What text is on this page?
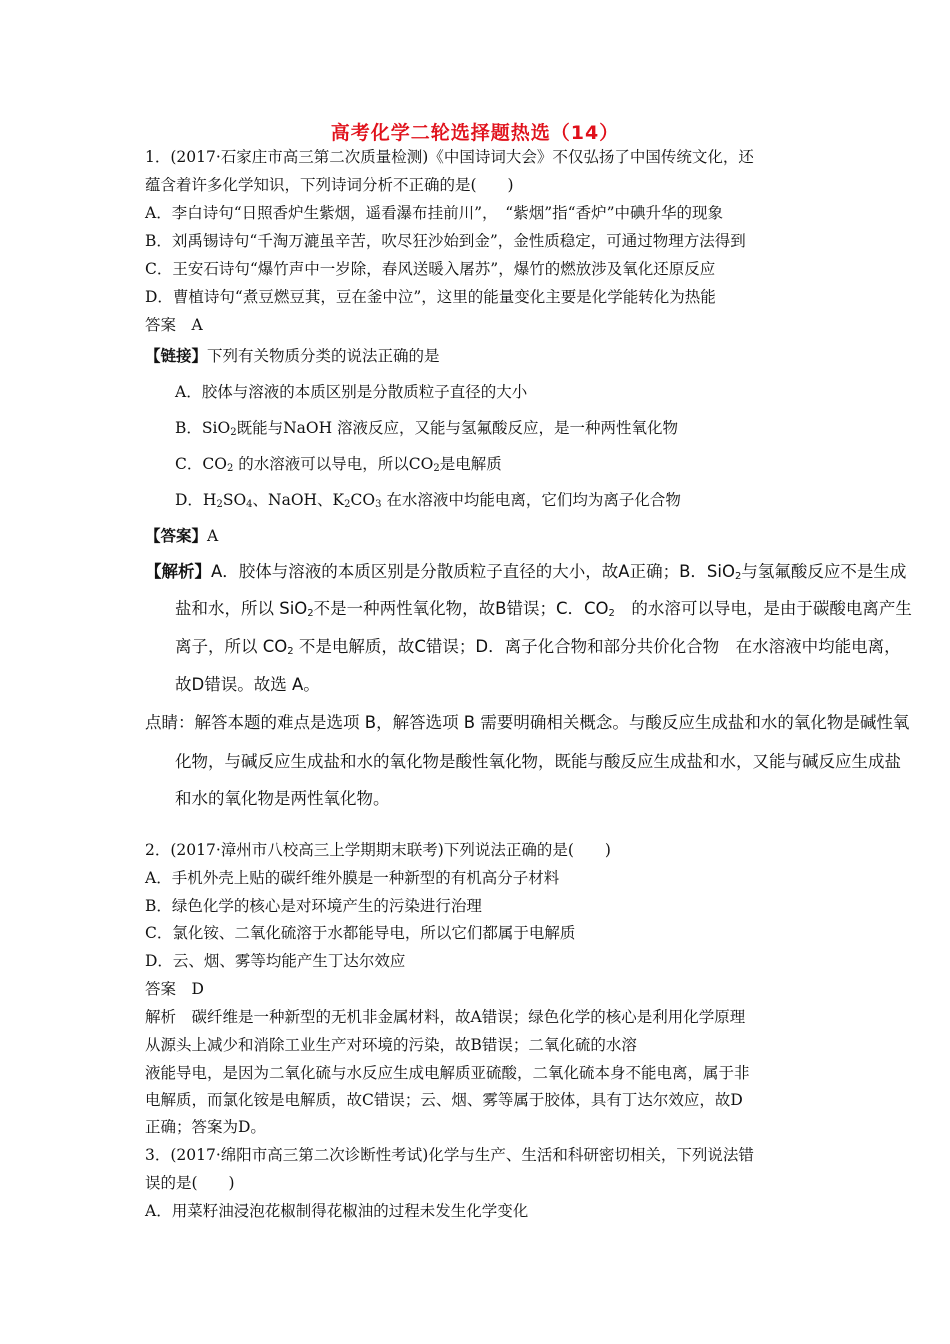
高考化学二轮选择题热选（14）
1．(2017·石家庄市高三第二次质量检测)《中国诗词大会》不仅弘扬了中国传统文化，还
蕴含着许多化学知识，下列诗词分析不正确的是(　　)
A．李白诗句“日照香炉生紫烟，遥看瀑布挂前川”，　“紫烟”指“香炉”中碘升华的现象
B．刘禹锡诗句“千淘万漉虽辛苦，吹尽狂沙始到金”，金性质稳定，可通过物理方法得到
C．王安石诗句“爆竹声中一岁除，春风送暖入屠苏”，爆竹的燃放涉及氧化还原反应
D．曹植诗句“煮豆燃豆萁，豆在釜中泣”，这里的能量变化主要是化学能转化为热能
答案　A
【链接】下列有关物质分类的说法正确的是
A．胶体与溶液的本质区别是分散质粒子直径的大小
B．SiO$_2$既能与NaOH 溶液反应，又能与氢氟酸反应，是一种两性氧化物
C．$CO_2$ 的水溶液可以导电，所以$CO_2$是电解质
D．$H_2SO_4$、NaOH、$K_2CO_3$ 在水溶液中均能电离，它们均为离子化合物
【答案】A
【解析】A．胶体与溶液的本质区别是分散质粒子直径的大小，故A正确；B．SiO$_2$与氢氟酸反应不是生成
盐和水，所以 SiO$_2$不是一种两性氧化物，故B错误；C．$CO_2$　的水溶可以导电，是由于碳酸电离产生
离子，所以 $CO_2$ 不是电解质，故C错误；D．离子化合物和部分共价化合物　在水溶液中均能电离，
故D错误。故选 A。
点睛：解答本题的难点是选项 B，解答选项 B 需要明确相关概念。与酸反应生成盐和水的氧化物是碱性氧
化物，与碱反应生成盐和水的氧化物是酸性氧化物，既能与酸反应生成盐和水，又能与碱反应生成盐
和水的氧化物是两性氧化物。
2．(2017·漳州市八校高三上学期期末联考)下列说法正确的是(　　)
A．手机外壳上贴的碳纤维外膜是一种新型的有机高分子材料
B．绿色化学的核心是对环境产生的污染进行治理
C．氯化铵、二氧化硫溶于水都能导电，所以它们都属于电解质
D．云、烟、雾等均能产生丁达尔效应
答案　D
解析　碳纤维是一种新型的无机非金属材料，故A错误；绿色化学的核心是利用化学原理
从源头上减少和消除工业生产对环境的污染，故B错误；二氧化硫的水溶
液能导电，是因为二氧化硫与水反应生成电解质亚硫酸，二氧化硫本身不能电离，属于非
电解质，而氯化铵是电解质，故C错误；云、烟、雾等属于胶体，具有丁达尔效应，故D
正确；答案为D。
3．(2017·绵阳市高三第二次诊断性考试)化学与生产、生活和科研密切相关，下列说法错
误的是(　　)
A．用菜籽油浸泡花椒制得花椒油的过程未发生化学变化
